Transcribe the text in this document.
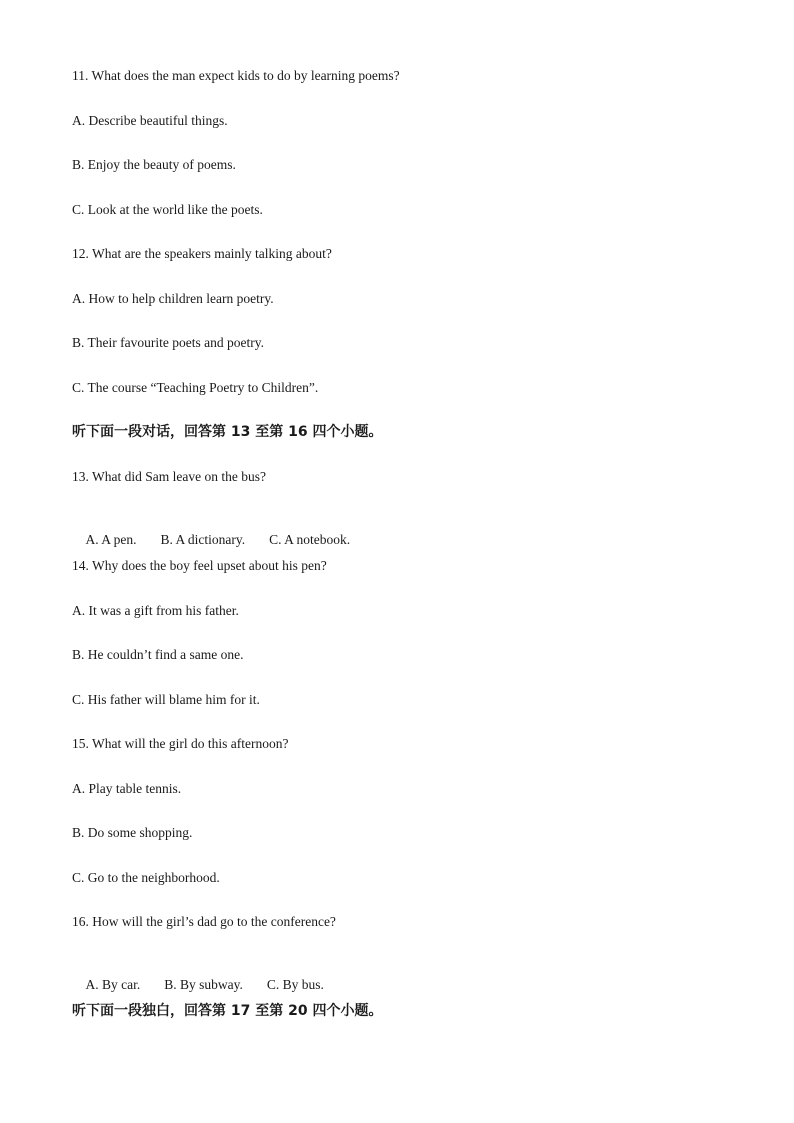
11. What does the man expect kids to do by learning poems?
A. Describe beautiful things.
B. Enjoy the beauty of poems.
C. Look at the world like the poets.
12. What are the speakers mainly talking about?
A. How to help children learn poetry.
B. Their favourite poets and poetry.
C. The course “Teaching Poetry to Children”.
听下面一段对话，回答第 13 至第 16 四个小题。
13. What did Sam leave on the bus?

A. A pen. B. A dictionary. C. A notebook.

14. Why does the boy feel upset about his pen?
A. It was a gift from his father.
B. He couldn’t find a same one.
C. His father will blame him for it.
15. What will the girl do this afternoon?
A. Play table tennis.
B. Do some shopping.
C. Go to the neighborhood.
16. How will the girl’s dad go to the conference?

A. By car. B. By subway. C. By bus.

听下面一段独白，回答第 17 至第 20 四个小题。
